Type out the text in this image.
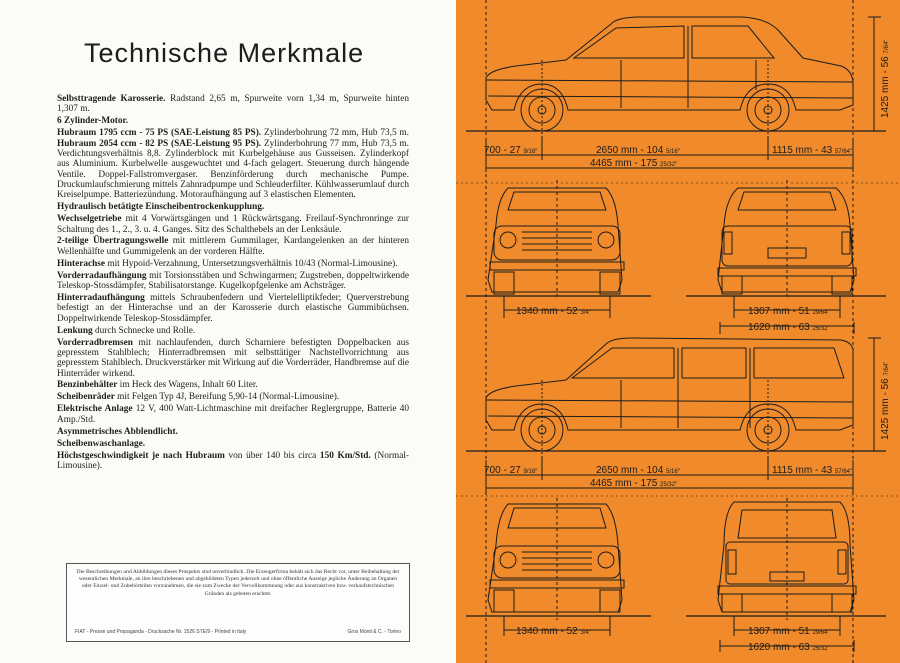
Technische Merkmale

Selbsttragende Karosserie. Radstand 2,65 m, Spurweite vorn 1,34 m, Spurweite hinten 1,307 m.

6 Zylinder-Motor.

Hubraum 1795 ccm - 75 PS (SAE-Leistung 85 PS). Zylinderbohrung 72 mm, Hub 73,5 m. Hubraum 2054 ccm - 82 PS (SAE-Leistung 95 PS). Zylinderbohrung 77 mm, Hub 73,5 m. Verdichtungsverhältnis 8,8. Zylinderblock mit Kurbelgehäuse aus Gusseisen. Zylinderkopf aus Aluminium. Kurbelwelle ausgewuchtet und 4-fach gelagert. Steuerung durch hängende Ventile. Doppel-Fallstromvergaser. Benzinförderung durch mechanische Pumpe. Druckumlaufschmierung mittels Zahnradpumpe und Schleuderfilter. Kühlwasserumlauf durch Kreiselpumpe. Batteriezündung. Motoraufhängung auf 3 elastischen Elementen.

Hydraulisch betätigte Einscheibentrockenkupplung.

Wechselgetriebe mit 4 Vorwärtsgängen und 1 Rückwärtsgang. Freilauf-Synchronringe zur Schaltung des 1., 2., 3. u. 4. Ganges. Sitz des Schalthebels an der Lenksäule.

2-teilige Übertragungswelle mit mittlerem Gummilager, Kardangelenken an der hinteren Wellenhälfte und Gummigelenk an der vorderen Hälfte.

Hinterachse mit Hypoid-Verzahnung, Untersetzungsverhältnis 10/43 (Normal-Limousine).

Vorderradaufhängung mit Torsionsstäben und Schwingarmen; Zugstreben, doppeltwirkende Teleskop-Stossdämpfer, Stabilisatorstange. Kugelkopfgelenke am Achsträger.

Hinterradaufhängung mittels Schraubenfedern und Viertelelliptikfeder; Querverstrebung befestigt an der Hinterachse und an der Karosserie durch elastische Gummibüchsen. Doppeltwirkende Teleskop-Stossdämpfer.

Lenkung durch Schnecke und Rolle.

Vorderradbremsen mit nachlaufenden, durch Scharniere befestigten Doppelbacken aus gepresstem Stahlblech; Hinterradbremsen mit selbsttätiger Nachstellvorrichtung aus gepresstem Stahlblech. Druckverstärker mit Wirkung auf die Vorderräder, Handbremse auf die Hinterräder wirkend.

Benzinbehälter im Heck des Wagens, Inhalt 60 Liter.

Scheibenräder mit Felgen Typ 4J, Bereifung 5,90-14 (Normal-Limousine).

Elektrische Anlage 12 V, 400 Watt-Lichtmaschine mit dreifacher Reglergruppe, Batterie 40 Amp./Std.

Asymmetrisches Abblendlicht.

Scheibenwaschanlage.

Höchstgeschwindigkeit je nach Hubraum von über 140 bis circa 150 Km/Std. (Normal-Limousine).

Die Beschreibungen und Abbildungen dieses Prospekts sind unverbindlich. Die Erzeugerfirma behält sich das Recht vor, unter Beibehaltung der wesentlichen Merkmale, an ihre beschriebenen und abgebildeten Typen jederzeit und ohne öffentliche Anzeige jegliche Änderung an Organen oder Einzel- und Zubehörteilen vorzunehmen, die sie zum Zwecke der Vervollkommnung oder aus konstruktiven bzw. verkaufstechnischen Gründen als geboten erachtet.
FIAT - Presse und Propaganda - Drucksache Nr. 1526 STE/9 - Printed in Italy	Gros Monti & C. - Torino
1425 mm - 56 7/64"
700 - 27 9/16"	2650 mm - 104 5/16"	1115 mm - 43 57/64"
4465 mm - 175 25/32"
1340 mm - 52 3/4"	1307 mm - 51 29/64"
1620 mm - 63 25/32"
1425 mm - 56 7/64"
700 - 27 9/16"	2650 mm - 104 5/16"	1115 mm - 43 57/64"
4465 mm - 175 25/32"
1340 mm - 52 3/4"	1307 mm - 51 29/64"
1620 mm - 63 25/32"
